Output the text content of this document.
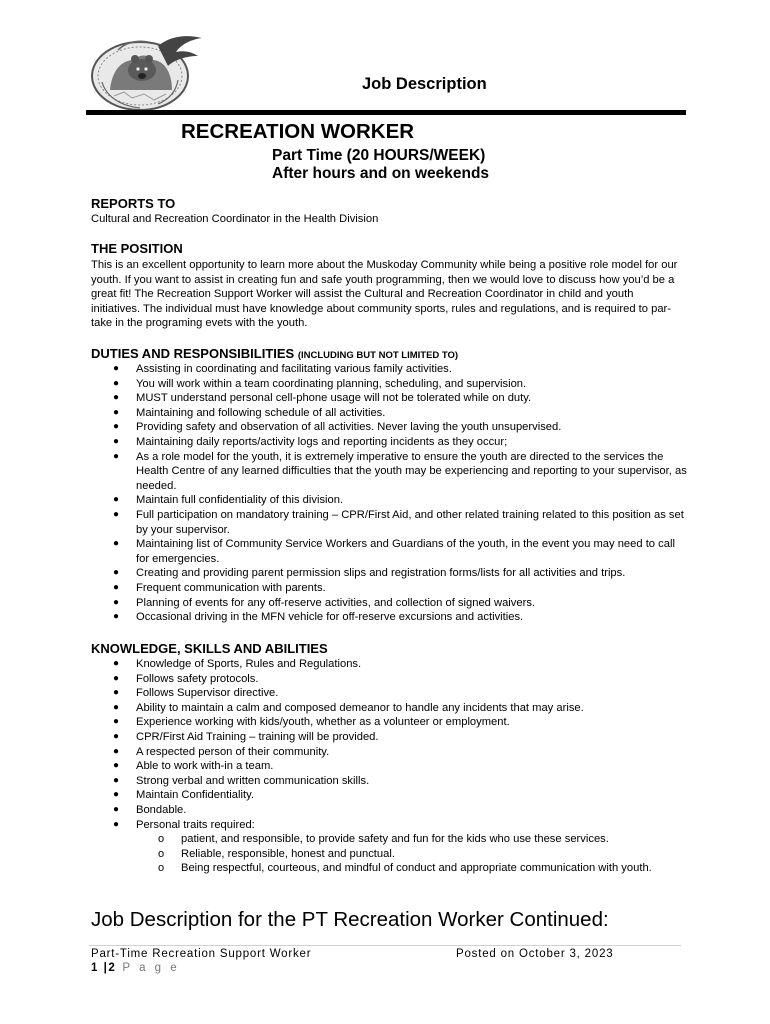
Job Description
RECREATION WORKER
Part Time (20 HOURS/WEEK)
After hours and on weekends
REPORTS TO
Cultural and Recreation Coordinator in the Health Division
THE POSITION
This is an excellent opportunity to learn more about the Muskoday Community while being a positive role model for our youth. If you want to assist in creating fun and safe youth programming, then we would love to discuss how you’d be a great fit! The Recreation Support Worker will assist the Cultural and Recreation Coordinator in child and youth initiatives. The individual must have knowledge about community sports, rules and regulations, and is required to par-take in the programing evets with the youth.
DUTIES AND RESPONSIBILITIES (INCLUDING BUT NOT LIMITED TO)
● Assisting in coordinating and facilitating various family activities.
● You will work within a team coordinating planning, scheduling, and supervision.
● MUST understand personal cell-phone usage will not be tolerated while on duty.
● Maintaining and following schedule of all activities.
● Providing safety and observation of all activities. Never laving the youth unsupervised.
● Maintaining daily reports/activity logs and reporting incidents as they occur;
● As a role model for the youth, it is extremely imperative to ensure the youth are directed to the services the Health Centre of any learned difficulties that the youth may be experiencing and reporting to your supervisor, as needed.
● Maintain full confidentiality of this division.
● Full participation on mandatory training – CPR/First Aid, and other related training related to this position as set by your supervisor.
● Maintaining list of Community Service Workers and Guardians of the youth, in the event you may need to call for emergencies.
● Creating and providing parent permission slips and registration forms/lists for all activities and trips.
● Frequent communication with parents.
● Planning of events for any off-reserve activities, and collection of signed waivers.
● Occasional driving in the MFN vehicle for off-reserve excursions and activities.
KNOWLEDGE, SKILLS AND ABILITIES
● Knowledge of Sports, Rules and Regulations.
● Follows safety protocols.
● Follows Supervisor directive.
● Ability to maintain a calm and composed demeanor to handle any incidents that may arise.
● Experience working with kids/youth, whether as a volunteer or employment.
● CPR/First Aid Training – training will be provided.
● A respected person of their community.
● Able to work with-in a team.
● Strong verbal and written communication skills.
● Maintain Confidentiality.
● Bondable.
● Personal traits required:
o patient, and responsible, to provide safety and fun for the kids who use these services.
o Reliable, responsible, honest and punctual.
o Being respectful, courteous, and mindful of conduct and appropriate communication with youth.
Job Description for the PT Recreation Worker Continued:
Part-Time Recreation Support Worker	Posted on October 3, 2023
1 |2 P a g e
